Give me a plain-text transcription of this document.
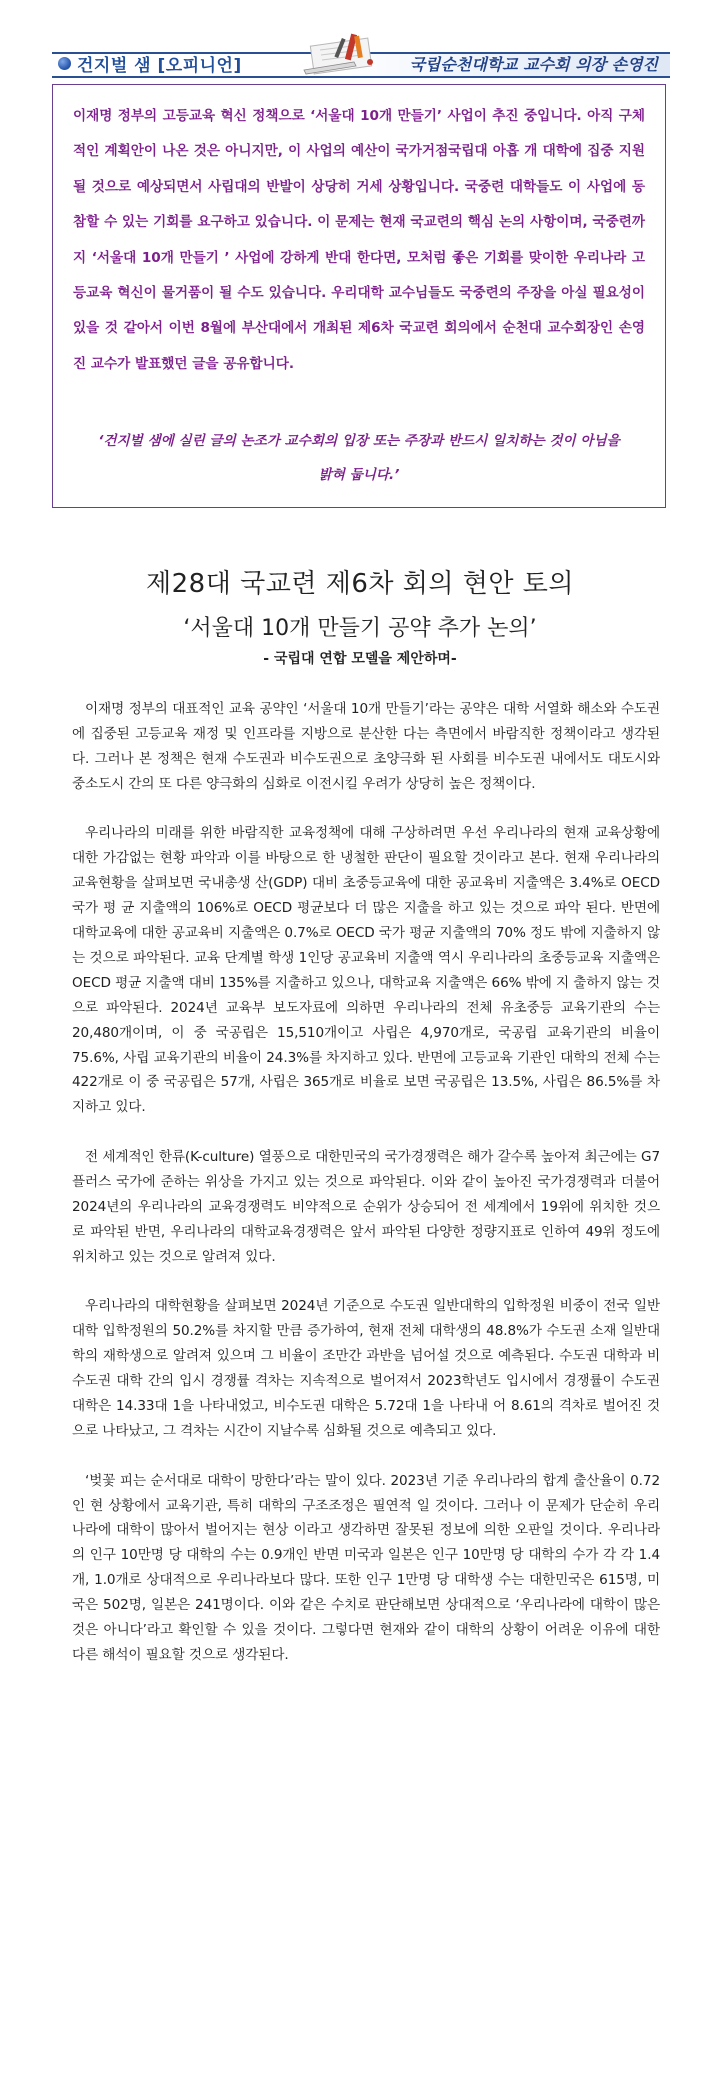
건지벌 샘 [오피니언]	국립순천대학교 교수회 의장 손영진

이재명 정부의 고등교육 혁신 정책으로 ‘서울대 10개 만들기’ 사업이 추진 중입니다. 아직 구체적인 계획안이 나온 것은 아니지만, 이 사업의 예산이 국가거점국립대 아홉 개 대학에 집중 지원될 것으로 예상되면서 사립대의 반발이 상당히 거세 상황입니다. 국중련 대학들도 이 사업에 동참할 수 있는 기회를 요구하고 있습니다. 이 문제는 현재 국교련의 핵심 논의 사항이며, 국중련까지 ‘서울대 10개 만들기 ’ 사업에 강하게 반대 한다면, 모처럼 좋은 기회를 맞이한 우리나라 고등교육 혁신이 물거품이 될 수도 있습니다. 우리대학 교수님들도 국중련의 주장을 아실 필요성이 있을 것 같아서 이번 8월에 부산대에서 개최된 제6차 국교련 회의에서 순천대 교수회장인 손영진 교수가 발표했던 글을 공유합니다.

‘건지벌 샘에 실린 글의 논조가 교수회의 입장 또는 주장과 반드시 일치하는 것이 아님을 밝혀 둡니다.’

제28대 국교련 제6차 회의 현안 토의
‘서울대 10개 만들기 공약 추가 논의’
- 국립대 연합 모델을 제안하며-

이재명 정부의 대표적인 교육 공약인 ‘서울대 10개 만들기’라는 공약은 대학 서열화 해소와 수도권에 집중된 고등교육 재정 및 인프라를 지방으로 분산한 다는 측면에서 바람직한 정책이라고 생각된다. 그러나 본 정책은 현재 수도권과 비수도권으로 초양극화 된 사회를 비수도권 내에서도 대도시와 중소도시 간의 또 다른 양극화의 심화로 이전시킬 우려가 상당히 높은 정책이다.

우리나라의 미래를 위한 바람직한 교육정책에 대해 구상하려면 우선 우리나라의 현재 교육상황에 대한 가감없는 현황 파악과 이를 바탕으로 한 냉철한 판단이 필요할 것이라고 본다. 현재 우리나라의 교육현황을 살펴보면 국내총생 산(GDP) 대비 초중등교육에 대한 공교육비 지출액은 3.4%로 OECD 국가 평 균 지출액의 106%로 OECD 평균보다 더 많은 지출을 하고 있는 것으로 파악 된다. 반면에 대학교육에 대한 공교육비 지출액은 0.7%로 OECD 국가 평균 지출액의 70% 정도 밖에 지출하지 않는 것으로 파악된다. 교육 단계별 학생 1인당 공교육비 지출액 역시 우리나라의 초중등교육 지출액은 OECD 평균 지출액 대비 135%를 지출하고 있으나, 대학교육 지출액은 66% 밖에 지 출하지 않는 것으로 파악된다. 2024년 교육부 보도자료에 의하면 우리나라의 전체 유초중등 교육기관의 수는 20,480개이며, 이 중 국공립은 15,510개이고 사립은 4,970개로, 국공립 교육기관의 비율이 75.6%, 사립 교육기관의 비율이 24.3%를 차지하고 있다. 반면에 고등교육 기관인 대학의 전체 수는 422개로 이 중 국공립은 57개, 사립은 365개로 비율로 보면 국공립은 13.5%, 사립은 86.5%를 차지하고 있다.

전 세계적인 한류(K-culture) 열풍으로 대한민국의 국가경쟁력은 해가 갈수록 높아져 최근에는 G7 플러스 국가에 준하는 위상을 가지고 있는 것으로 파악된다. 이와 같이 높아진 국가경쟁력과 더불어 2024년의 우리나라의 교육경쟁력도 비약적으로 순위가 상승되어 전 세계에서 19위에 위치한 것으로 파악된 반면, 우리나라의 대학교육경쟁력은 앞서 파악된 다양한 정량지표로 인하여 49위 정도에 위치하고 있는 것으로 알려져 있다.

우리나라의 대학현황을 살펴보면 2024년 기준으로 수도권 일반대학의 입학정원 비중이 전국 일반대학 입학정원의 50.2%를 차지할 만큼 증가하여, 현재 전체 대학생의 48.8%가 수도권 소재 일반대학의 재학생으로 알려져 있으며 그 비율이 조만간 과반을 넘어설 것으로 예측된다. 수도권 대학과 비수도권 대학 간의 입시 경쟁률 격차는 지속적으로 벌어져서 2023학년도 입시에서 경쟁률이 수도권 대학은 14.33대 1을 나타내었고, 비수도권 대학은 5.72대 1을 나타내 어 8.61의 격차로 벌어진 것으로 나타났고, 그 격차는 시간이 지날수록 심화될 것으로 예측되고 있다.

‘벚꽃 피는 순서대로 대학이 망한다’라는 말이 있다. 2023년 기준 우리나라의 합계 출산율이 0.72인 현 상황에서 교육기관, 특히 대학의 구조조정은 필연적 일 것이다. 그러나 이 문제가 단순히 우리나라에 대학이 많아서 벌어지는 현상 이라고 생각하면 잘못된 정보에 의한 오판일 것이다. 우리나라의 인구 10만명 당 대학의 수는 0.9개인 반면 미국과 일본은 인구 10만명 당 대학의 수가 각 각 1.4개, 1.0개로 상대적으로 우리나라보다 많다. 또한 인구 1만명 당 대학생 수는 대한민국은 615명, 미국은 502명, 일본은 241명이다. 이와 같은 수치로 판단해보면 상대적으로 ‘우리나라에 대학이 많은 것은 아니다’라고 확인할 수 있을 것이다. 그렇다면 현재와 같이 대학의 상황이 어려운 이유에 대한 다른 해석이 필요할 것으로 생각된다.
